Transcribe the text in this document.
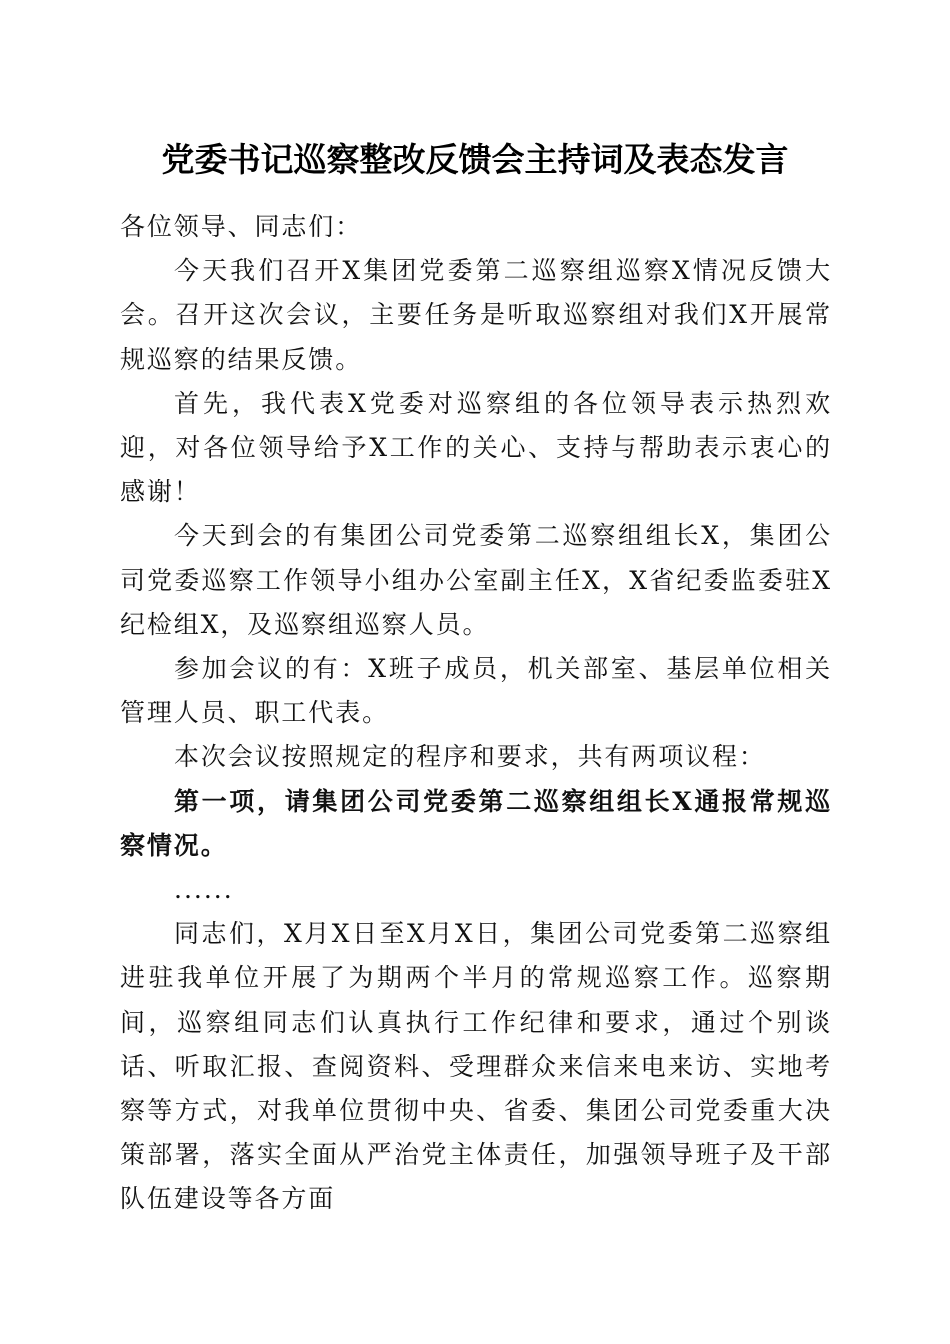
党委书记巡察整改反馈会主持词及表态发言

各位领导、同志们：

今天我们召开X集团党委第二巡察组巡察X情况反馈大会。召开这次会议，主要任务是听取巡察组对我们X开展常规巡察的结果反馈。

首先，我代表X党委对巡察组的各位领导表示热烈欢迎，对各位领导给予X工作的关心、支持与帮助表示衷心的感谢！

今天到会的有集团公司党委第二巡察组组长X，集团公司党委巡察工作领导小组办公室副主任X，X省纪委监委驻X纪检组X，及巡察组巡察人员。

参加会议的有：X班子成员，机关部室、基层单位相关管理人员、职工代表。

本次会议按照规定的程序和要求，共有两项议程：

第一项，请集团公司党委第二巡察组组长X通报常规巡察情况。

......

同志们，X月X日至X月X日，集团公司党委第二巡察组进驻我单位开展了为期两个半月的常规巡察工作。巡察期间，巡察组同志们认真执行工作纪律和要求，通过个别谈话、听取汇报、查阅资料、受理群众来信来电来访、实地考察等方式，对我单位贯彻中央、省委、集团公司党委重大决策部署，落实全面从严治党主体责任，加强领导班子及干部队伍建设等各方面
